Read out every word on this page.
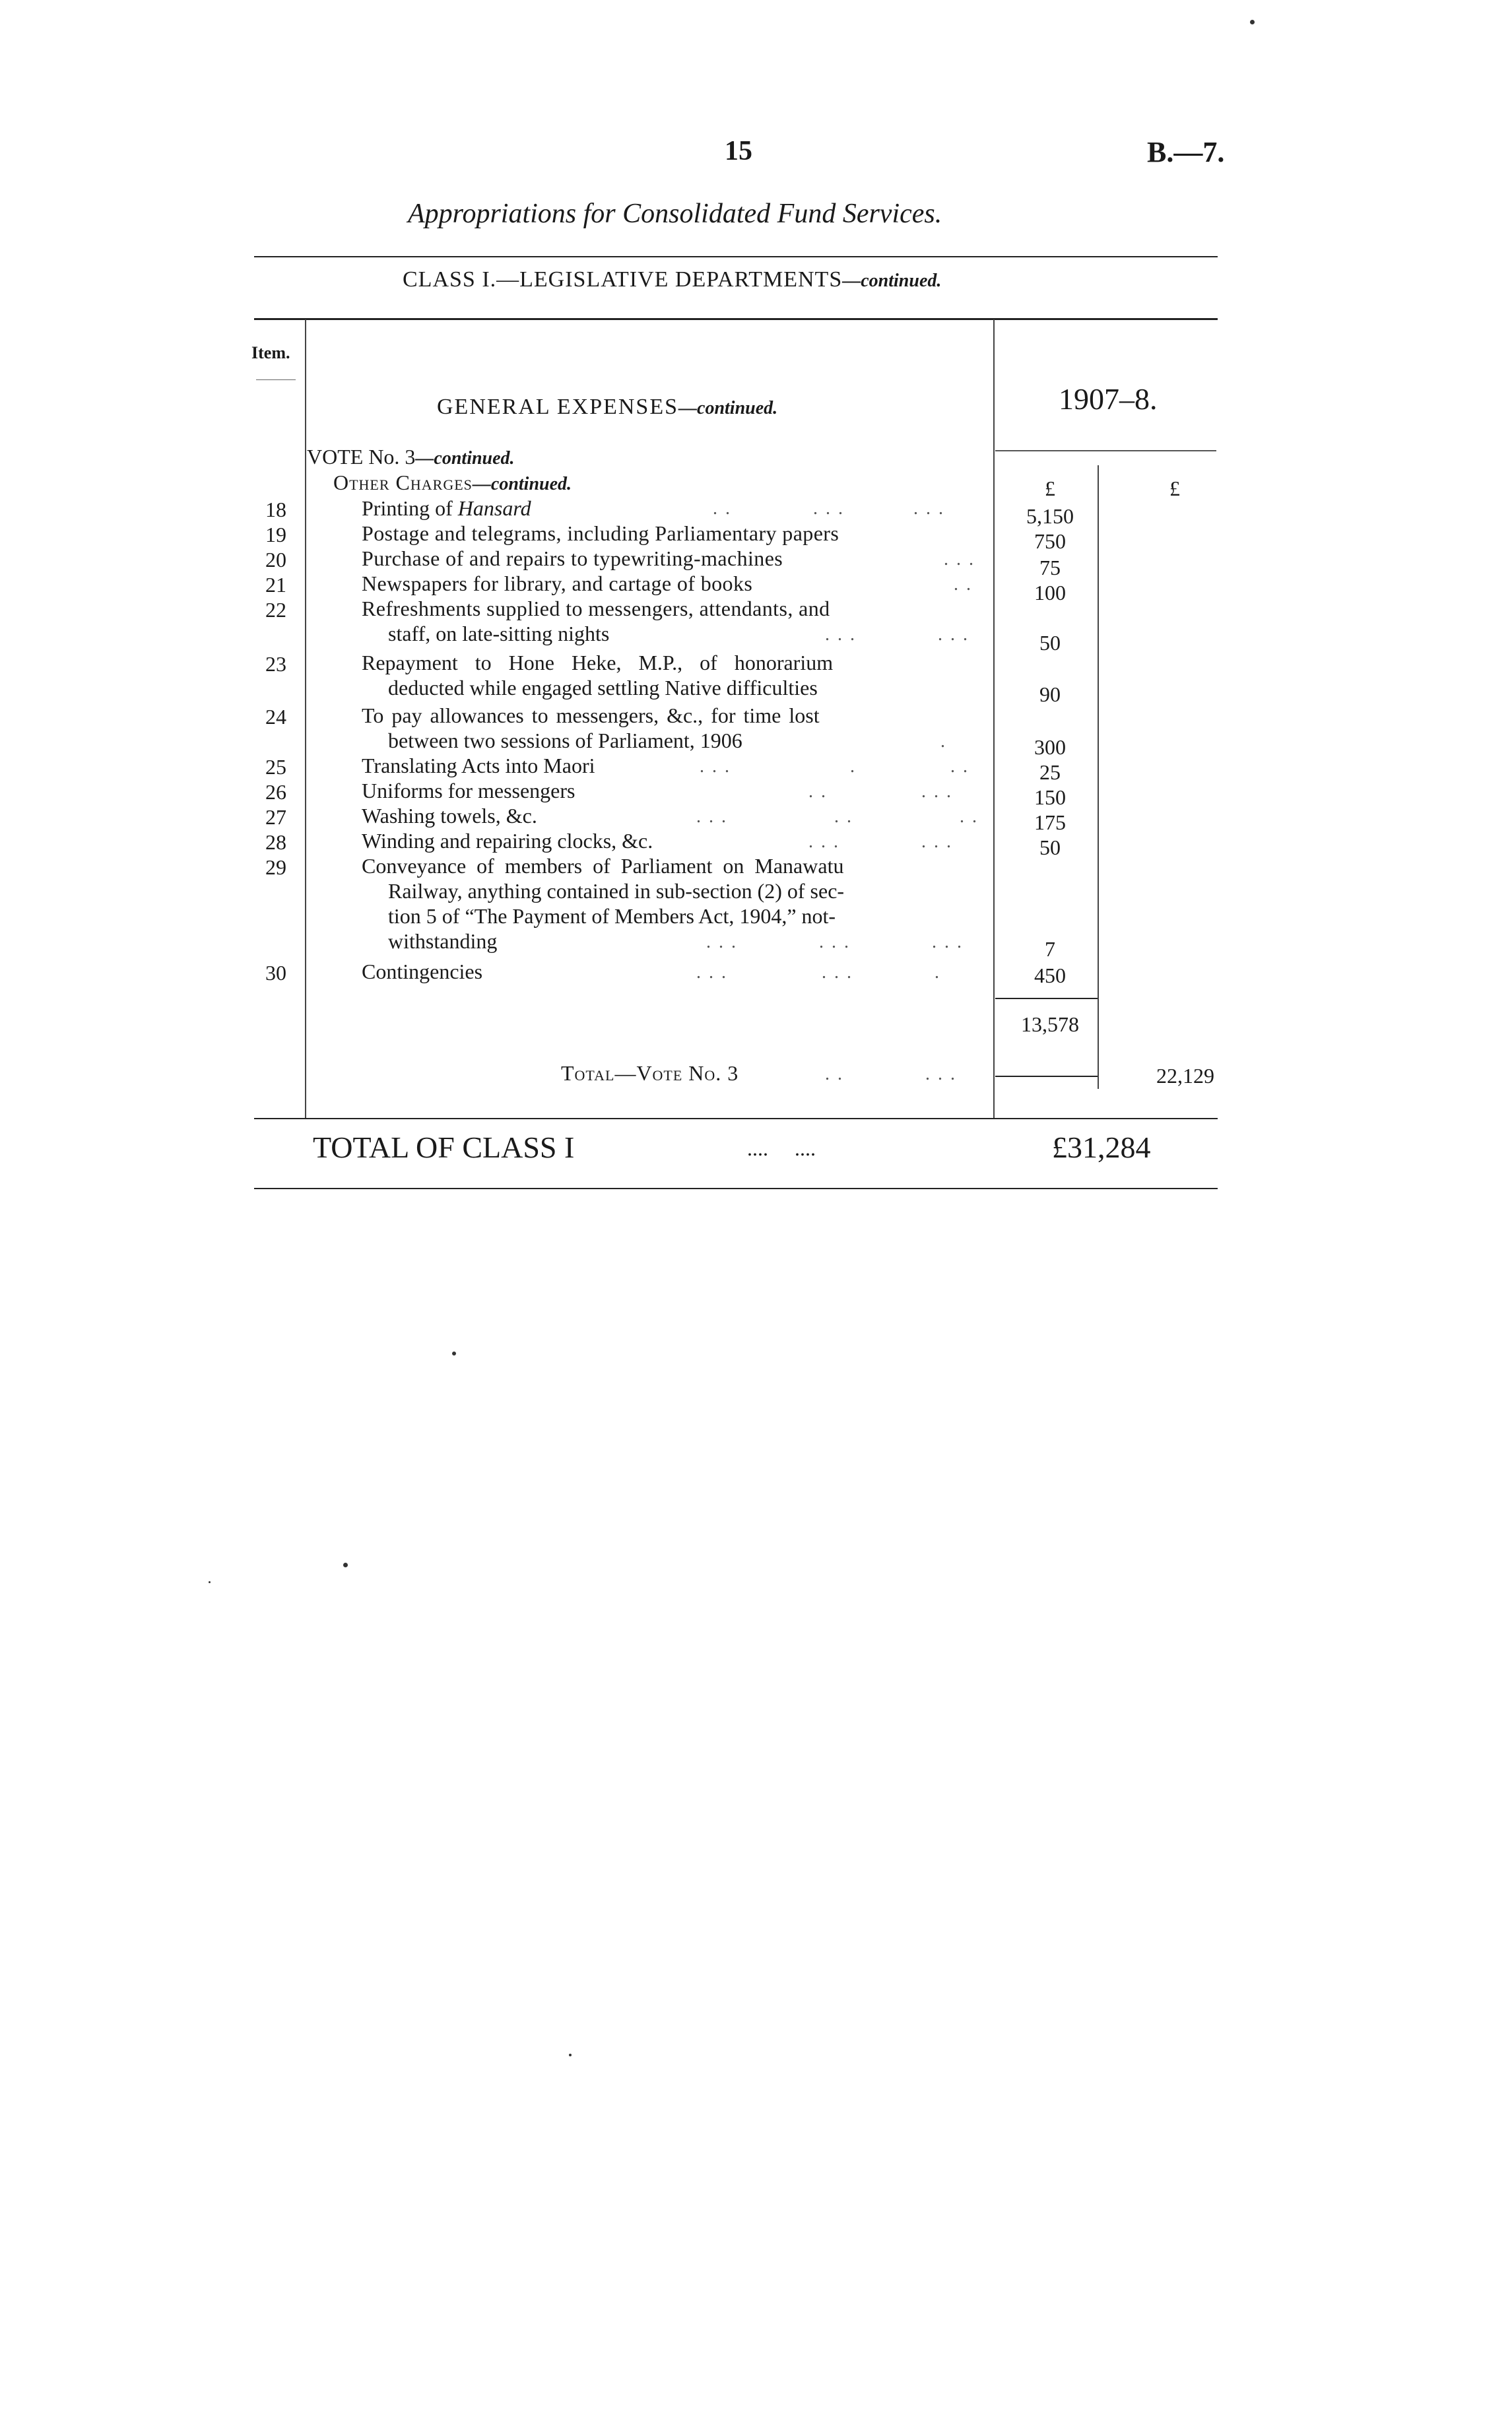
15	B.—7.
Appropriations for Consolidated Fund Services.
CLASS I.—LEGISLATIVE DEPARTMENTS—continued.
Item.
GENERAL EXPENSES—continued.	1907–8.
VOTE No. 3—continued.
Other Charges—continued.	£	£
18	Printing of Hansard	..      ...     ...	5,150
19	Postage and telegrams, including Parliamentary papers	750
20	Purchase of and repairs to typewriting-machines	...	75
21	Newspapers for library, and cartage of books	..	100
22	Refreshments supplied to messengers, attendants, and
staff, on late-sitting nights	...      ...	50
23	Repayment to Hone Heke, M.P., of honorarium
deducted while engaged settling Native difficulties	90
24	To pay allowances to messengers, &c., for time lost
between two sessions of Parliament, 1906	.	300
25	Translating Acts into Maori	...         .       ..	25
26	Uniforms for messengers	..       ...	150
27	Washing towels, &c.	...        ..        ..	175
28	Winding and repairing clocks, &c.	...      ...	50
29	Conveyance of members of Parliament on Manawatu
Railway, anything contained in sub-section (2) of sec-
tion 5 of “The Payment of Members Act, 1904,” not-
withstanding	...      ...      ...	7
30	Contingencies	...       ...      .	450
13,578
Total—Vote No. 3	..      ...	22,129
TOTAL OF CLASS I	....     ....	£31,284
